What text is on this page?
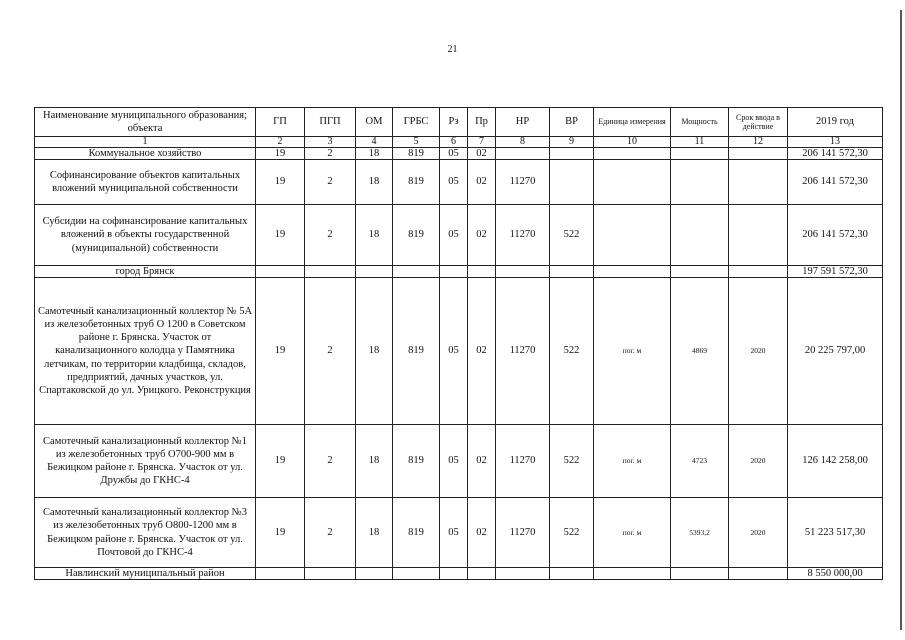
21
Наименование муниципального образования; объекта	ГП	ПГП	ОМ	ГРБС	Рз	Пр	НР	ВР	Единица измерения	Мощность	Срок ввода в действие	2019 год
1	2	3	4	5	6	7	8	9	10	11	12	13
Коммунальное хозяйство	19	2	18	819	05	02						206 141 572,30
Софинансирование объектов капитальных вложений муниципальной собственности	19	2	18	819	05	02	11270					206 141 572,30
Субсидии на софинансирование капитальных вложений в объекты государственной (муниципальной) собственности	19	2	18	819	05	02	11270	522				206 141 572,30
город Брянск												197 591 572,30
Самотечный канализационный коллектор № 5А из железобетонных труб О 1200 в Советском районе г. Брянска. Участок от канализационного колодца у Памятника летчикам, по территории кладбища, складов, предприятий, дачных участков, ул. Спартаковской до ул. Урицкого. Реконструкция	19	2	18	819	05	02	11270	522	пог. м	4869	2020	20 225 797,00
Самотечный канализационный коллектор №1 из железобетонных труб О700-900 мм в Бежицком районе г. Брянска. Участок от ул. Дружбы до ГКНС-4	19	2	18	819	05	02	11270	522	пог. м	4723	2020	126 142 258,00
Самотечный канализационный коллектор №3 из железобетонных труб О800-1200 мм в Бежицком районе г. Брянска. Участок от ул. Почтовой до ГКНС-4	19	2	18	819	05	02	11270	522	пог. м	5393,2	2020	51 223 517,30
Навлинский муниципальный район												8 550 000,00
